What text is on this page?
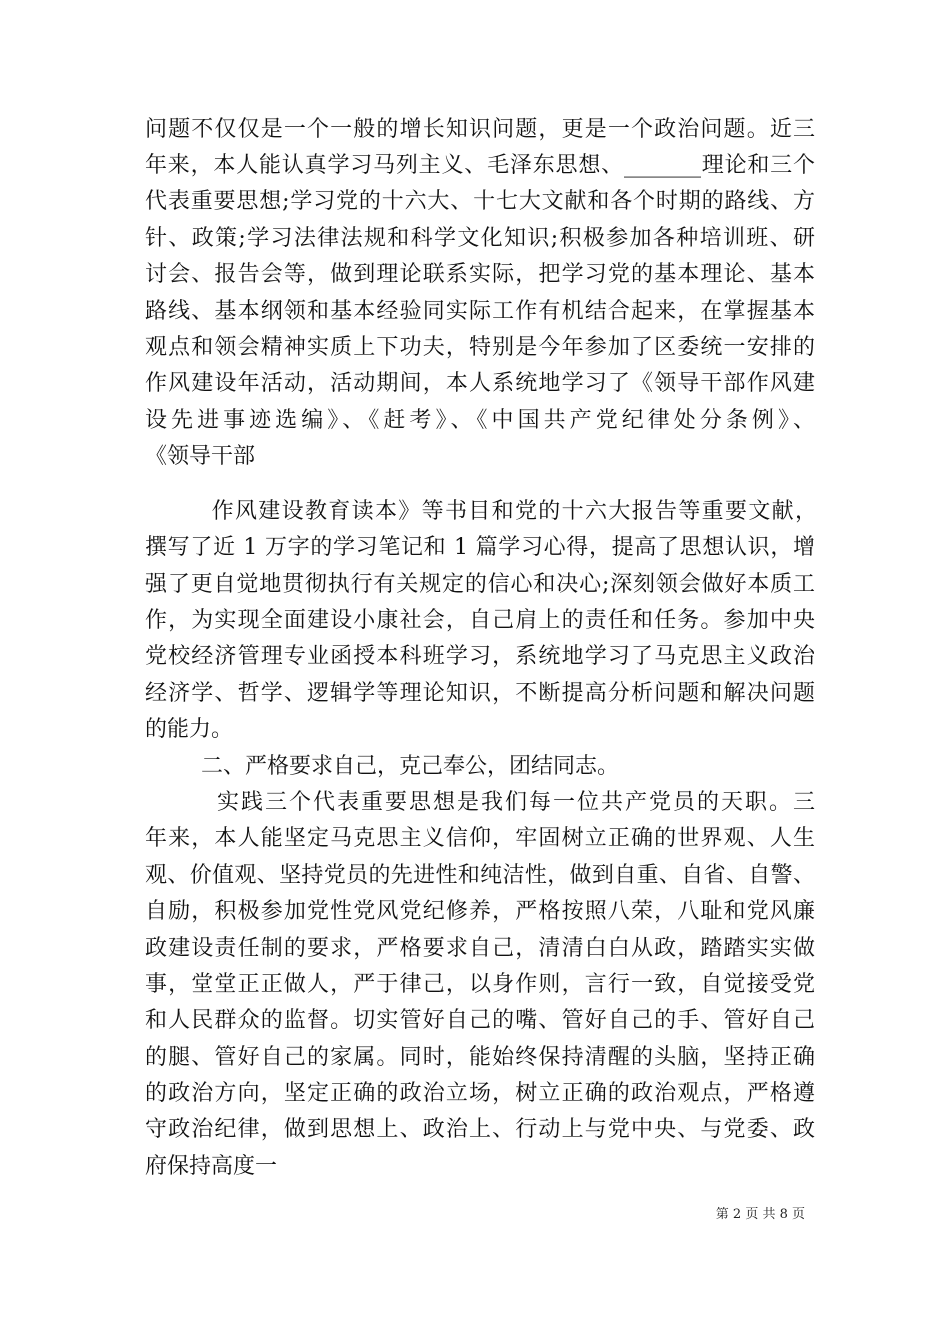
问题不仅仅是一个一般的增长知识问题，更是一个政治问题。近三
年来，本人能认真学习马列主义、毛泽东思想、_______理论和三个
代表重要思想;学习党的十六大、十七大文献和各个时期的路线、方
针、政策;学习法律法规和科学文化知识;积极参加各种培训班、研
讨会、报告会等，做到理论联系实际，把学习党的基本理论、基本
路线、基本纲领和基本经验同实际工作有机结合起来，在掌握基本
观点和领会精神实质上下功夫，特别是今年参加了区委统一安排的
作风建设年活动，活动期间，本人系统地学习了《领导干部作风建
设先进事迹选编》、《赶考》、《中国共产党纪律处分条例》、
《领导干部
作风建设教育读本》等书目和党的十六大报告等重要文献，
撰写了近 1 万字的学习笔记和 1 篇学习心得，提高了思想认识，增
强了更自觉地贯彻执行有关规定的信心和决心;深刻领会做好本质工
作，为实现全面建设小康社会，自己肩上的责任和任务。参加中央
党校经济管理专业函授本科班学习，系统地学习了马克思主义政治
经济学、哲学、逻辑学等理论知识，不断提高分析问题和解决问题
的能力。
二、严格要求自己，克己奉公，团结同志。
实践三个代表重要思想是我们每一位共产党员的天职。三
年来，本人能坚定马克思主义信仰，牢固树立正确的世界观、人生
观、价值观、坚持党员的先进性和纯洁性，做到自重、自省、自警、
自励，积极参加党性党风党纪修养，严格按照八荣，八耻和党风廉
政建设责任制的要求，严格要求自己，清清白白从政，踏踏实实做
事，堂堂正正做人，严于律己，以身作则，言行一致，自觉接受党
和人民群众的监督。切实管好自己的嘴、管好自己的手、管好自己
的腿、管好自己的家属。同时，能始终保持清醒的头脑，坚持正确
的政治方向，坚定正确的政治立场，树立正确的政治观点，严格遵
守政治纪律，做到思想上、政治上、行动上与党中央、与党委、政
府保持高度一
第 2 页 共 8 页
